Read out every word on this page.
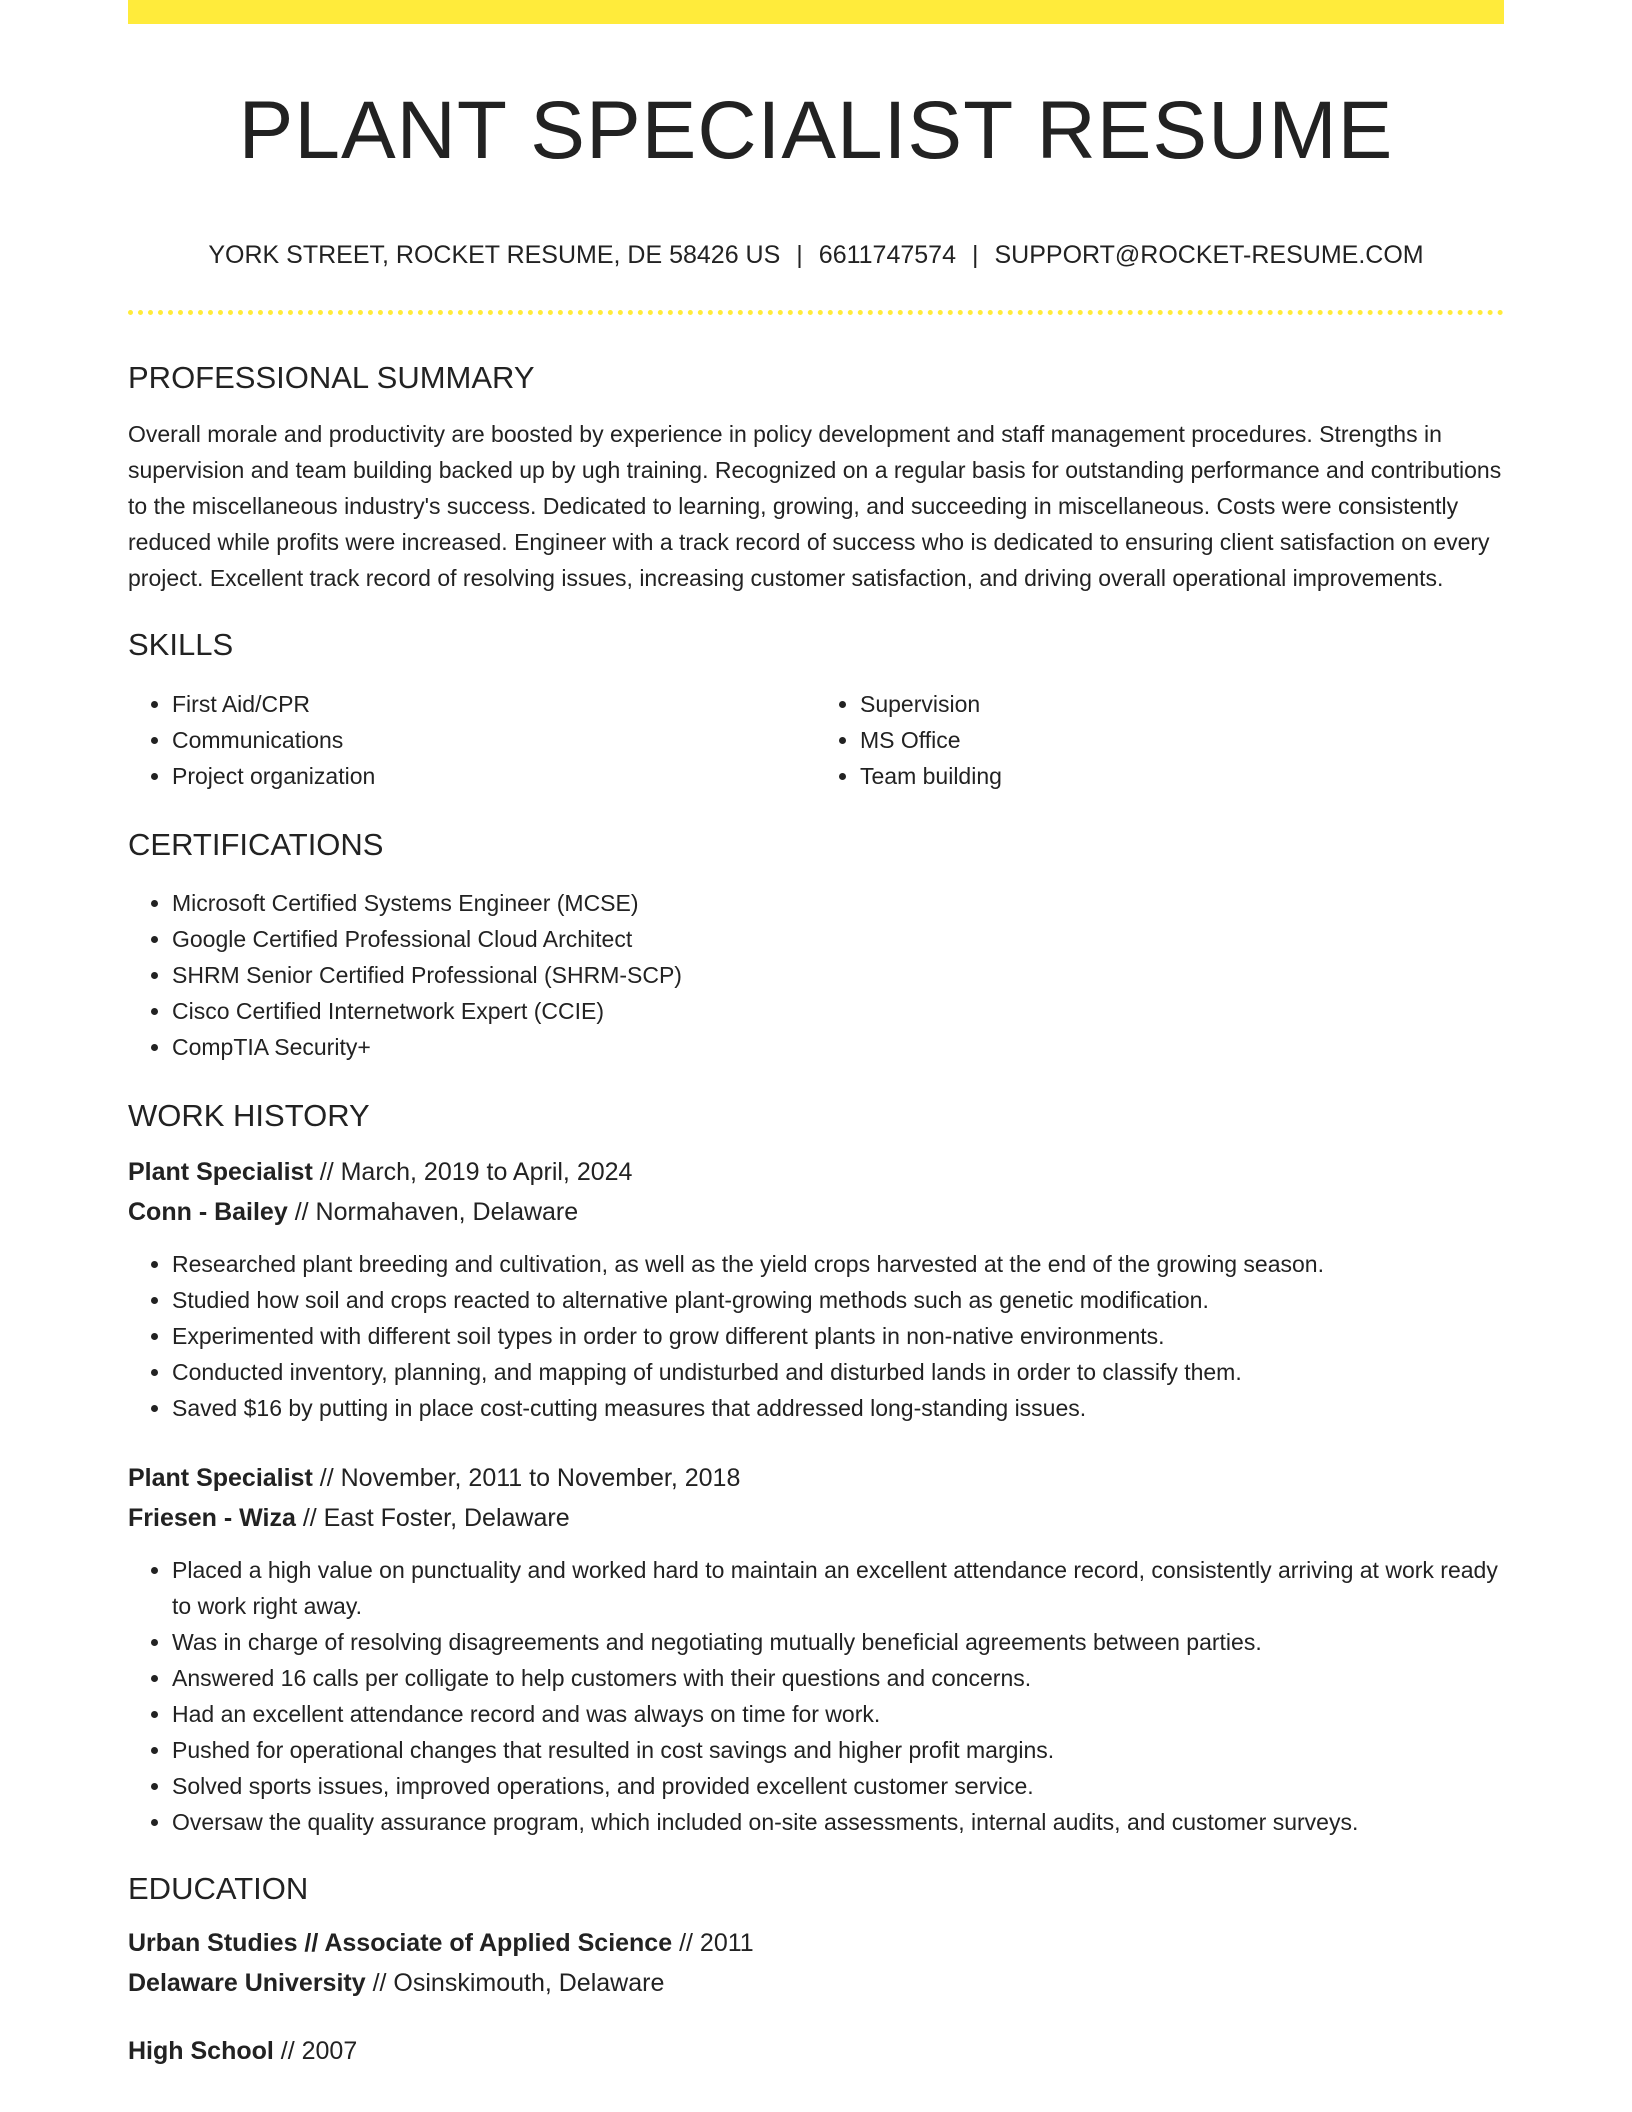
PLANT SPECIALIST RESUME
YORK STREET, ROCKET RESUME, DE 58426 US | 6611747574 | SUPPORT@ROCKET-RESUME.COM
PROFESSIONAL SUMMARY

Overall morale and productivity are boosted by experience in policy development and staff management procedures. Strengths in supervision and team building backed up by ugh training. Recognized on a regular basis for outstanding performance and contributions to the miscellaneous industry's success. Dedicated to learning, growing, and succeeding in miscellaneous. Costs were consistently reduced while profits were increased. Engineer with a track record of success who is dedicated to ensuring client satisfaction on every project. Excellent track record of resolving issues, increasing customer satisfaction, and driving overall operational improvements.

SKILLS
• First Aid/CPR
• Communications
• Project organization
• Supervision
• MS Office
• Team building
CERTIFICATIONS
• Microsoft Certified Systems Engineer (MCSE)
• Google Certified Professional Cloud Architect
• SHRM Senior Certified Professional (SHRM-SCP)
• Cisco Certified Internetwork Expert (CCIE)
• CompTIA Security+
WORK HISTORY

Plant Specialist // March, 2019 to April, 2024

Conn - Bailey // Normahaven, Delaware

• Researched plant breeding and cultivation, as well as the yield crops harvested at the end of the growing season.
• Studied how soil and crops reacted to alternative plant-growing methods such as genetic modification.
• Experimented with different soil types in order to grow different plants in non-native environments.
• Conducted inventory, planning, and mapping of undisturbed and disturbed lands in order to classify them.
• Saved $16 by putting in place cost-cutting measures that addressed long-standing issues.

Plant Specialist // November, 2011 to November, 2018

Friesen - Wiza // East Foster, Delaware

• Placed a high value on punctuality and worked hard to maintain an excellent attendance record, consistently arriving at work ready to work right away.
• Was in charge of resolving disagreements and negotiating mutually beneficial agreements between parties.
• Answered 16 calls per colligate to help customers with their questions and concerns.
• Had an excellent attendance record and was always on time for work.
• Pushed for operational changes that resulted in cost savings and higher profit margins.
• Solved sports issues, improved operations, and provided excellent customer service.
• Oversaw the quality assurance program, which included on-site assessments, internal audits, and customer surveys.
EDUCATION

Urban Studies // Associate of Applied Science // 2011

Delaware University // Osinskimouth, Delaware

High School // 2007
